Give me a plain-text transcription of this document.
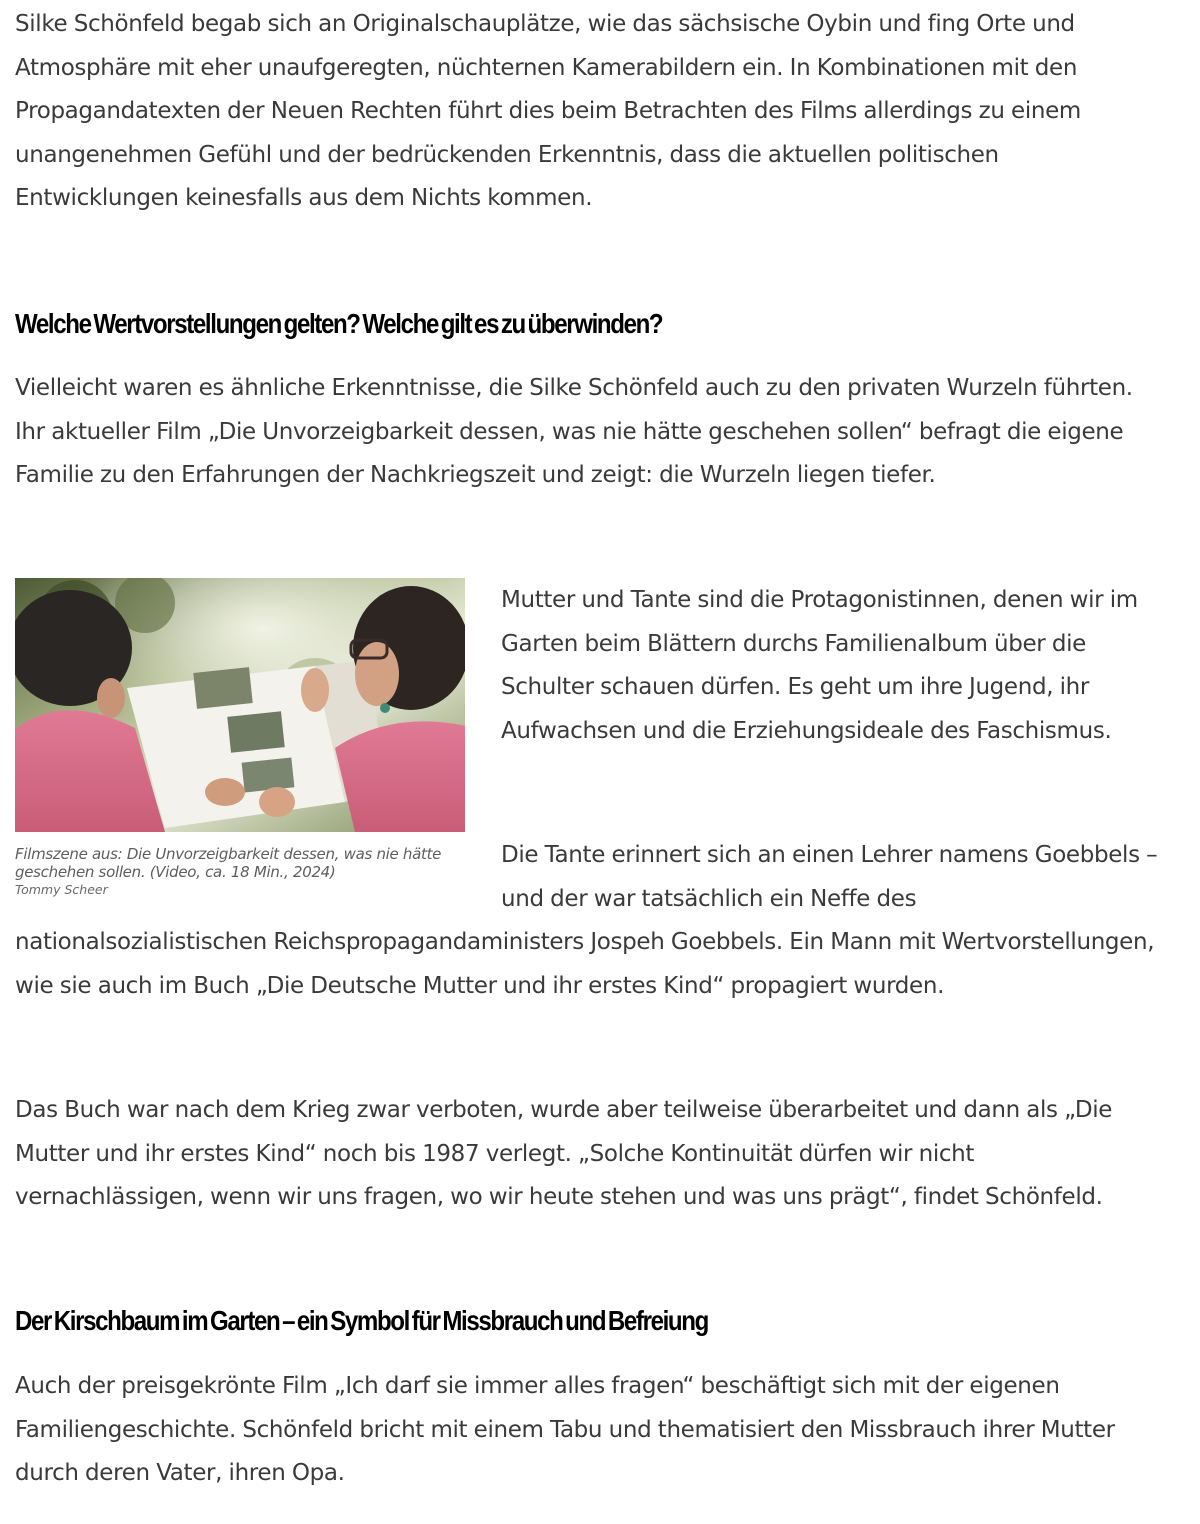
Silke Schönfeld begab sich an Originalschauplätze, wie das sächsische Oybin und fing Orte und Atmosphäre mit eher unaufgeregten, nüchternen Kamerabildern ein. In Kombinationen mit den Propagandatexten der Neuen Rechten führt dies beim Betrachten des Films allerdings zu einem unangenehmen Gefühl und der bedrückenden Erkenntnis, dass die aktuellen politischen Entwicklungen keinesfalls aus dem Nichts kommen.

Welche Wertvorstellungen gelten? Welche gilt es zu überwinden?

Vielleicht waren es ähnliche Erkenntnisse, die Silke Schönfeld auch zu den privaten Wurzeln führten. Ihr aktueller Film „Die Unvorzeigbarkeit dessen, was nie hätte geschehen sollen“ befragt die eigene Familie zu den Erfahrungen der Nachkriegszeit und zeigt: die Wurzeln liegen tiefer.

Filmszene aus: Die Unvorzeigbarkeit dessen, was nie hätte geschehen sollen. (Video, ca. 18 Min., 2024)
Tommy Scheer

Mutter und Tante sind die Protagonistinnen, denen wir im Garten beim Blättern durchs Familienalbum über die Schulter schauen dürfen. Es geht um ihre Jugend, ihr Aufwachsen und die Erziehungsideale des Faschismus.

Die Tante erinnert sich an einen Lehrer namens Goebbels – und der war tatsächlich ein Neffe des

nationalsozialistischen Reichspropagandaministers Jospeh Goebbels. Ein Mann mit Wertvorstellungen, wie sie auch im Buch „Die Deutsche Mutter und ihr erstes Kind“ propagiert wurden.

Das Buch war nach dem Krieg zwar verboten, wurde aber teilweise überarbeitet und dann als „Die Mutter und ihr erstes Kind“ noch bis 1987 verlegt. „Solche Kontinuität dürfen wir nicht vernachlässigen, wenn wir uns fragen, wo wir heute stehen und was uns prägt“, findet Schönfeld.

Der Kirschbaum im Garten – ein Symbol für Missbrauch und Befreiung

Auch der preisgekrönte Film „Ich darf sie immer alles fragen“ beschäftigt sich mit der eigenen Familiengeschichte. Schönfeld bricht mit einem Tabu und thematisiert den Missbrauch ihrer Mutter durch deren Vater, ihren Opa.
